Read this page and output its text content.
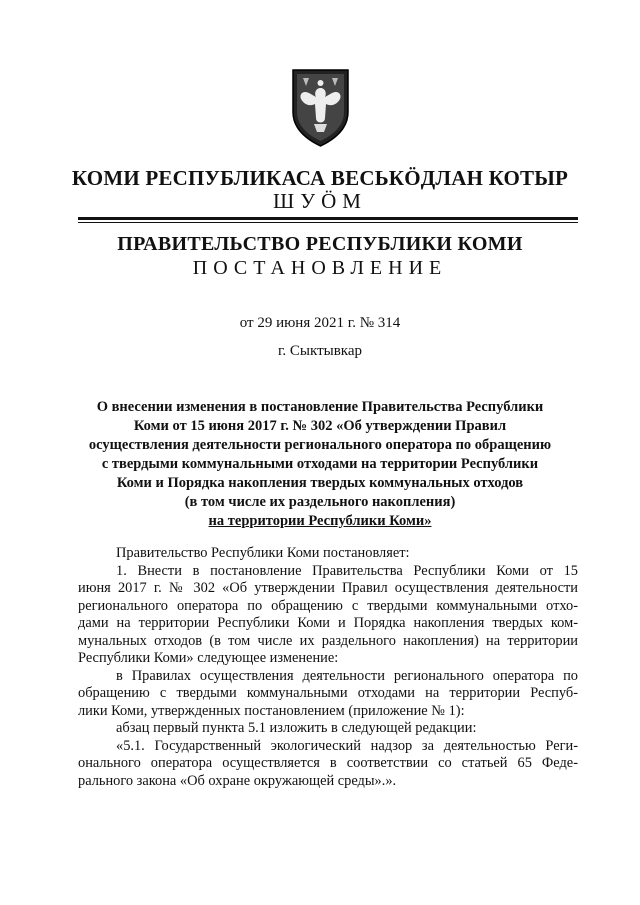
КОМИ РЕСПУБЛИКАСА ВЕСЬКӦДЛАН КОТЫР
ШУӦМ
ПРАВИТЕЛЬСТВО РЕСПУБЛИКИ КОМИ
ПОСТАНОВЛЕНИЕ
от 29 июня 2021 г. № 314
г. Сыктывкар
О внесении изменения в постановление Правительства Республики
Коми от 15 июня 2017 г. № 302 «Об утверждении Правил
осуществления деятельности регионального оператора по обращению
с твердыми коммунальными отходами на территории Республики
Коми и Порядка накопления твердых коммунальных отходов
(в том числе их раздельного накопления)
на территории Республики Коми»
Правительство Республики Коми постановляет:
1. Внести в постановление Правительства Республики Коми от 15
июня 2017 г. № 302 «Об утверждении Правил осуществления деятельности
регионального оператора по обращению с твердыми коммунальными отхо-
дами на территории Республики Коми и Порядка накопления твердых ком-
мунальных отходов (в том числе их раздельного накопления) на территории
Республики Коми» следующее изменение:
в Правилах осуществления деятельности регионального оператора по
обращению с твердыми коммунальными отходами на территории Респуб-
лики Коми, утвержденных постановлением (приложение № 1):
абзац первый пункта 5.1 изложить в следующей редакции:
«5.1. Государственный экологический надзор за деятельностью Реги-
онального оператора осуществляется в соответствии со статьей 65 Феде-
рального закона «Об охране окружающей среды».».
